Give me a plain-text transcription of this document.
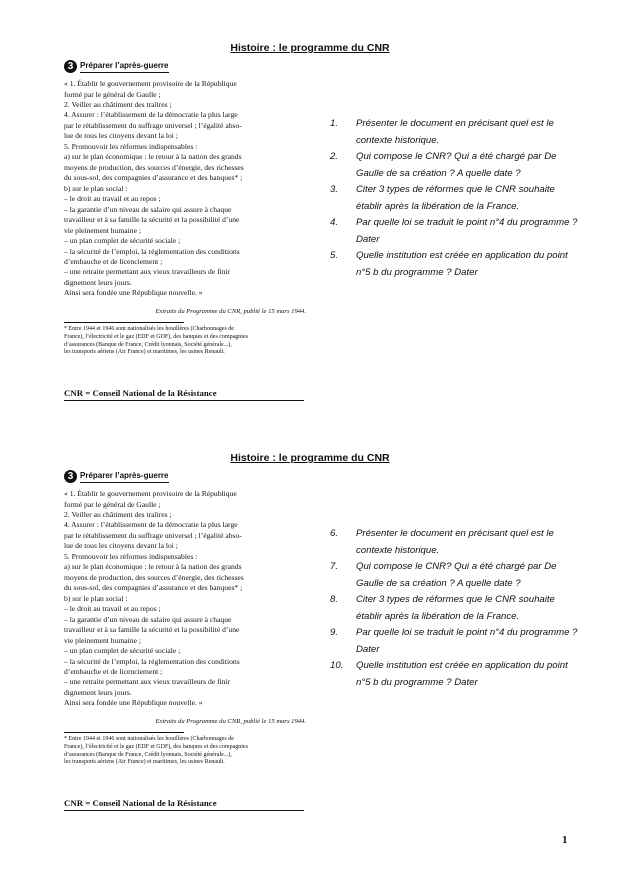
Histoire : le programme du CNR
3 Préparer l’après-guerre
« 1. Établir le gouvernement provisoire de la République
formé par le général de Gaulle ;
2. Veiller au châtiment des traîtres ;
4. Assurer : l’établissement de la démocratie la plus large
par le rétablissement du suffrage universel ; l’égalité abso-
lue de tous les citoyens devant la loi ;
5. Promouvoir les réformes indispensables :
a) sur le plan économique : le retour à la nation des grands
moyens de production, des sources d’énergie, des richesses
du sous-sol, des compagnies d’assurance et des banques* ;
b) sur le plan social :
– le droit au travail et au repos ;
– la garantie d’un niveau de salaire qui assure à chaque
travailleur et à sa famille la sécurité et la possibilité d’une
vie pleinement humaine ;
– un plan complet de sécurité sociale ;
– la sécurité de l’emploi, la réglementation des conditions
d’embauche et de licenciement ;
– une retraite permettant aux vieux travailleurs de finir
dignement leurs jours.
Ainsi sera fondée une République nouvelle. »
Extraits du Programme du CNR, publié le 15 mars 1944.
* Entre 1944 et 1946 sont nationalisés les houillères (Charbonnages de
France), l’électricité et le gaz (EDF et GDF), des banques et des compagnies
d’assurances (Banque de France, Crédit lyonnais, Société générale...),
les transports aériens (Air France) et maritimes, les usines Renault.
CNR = Conseil National de la Résistance
1.	Présenter le document en précisant quel est le contexte historique.
2.	Qui compose le CNR? Qui a été chargé par De Gaulle de sa création ? A quelle date ?
3.	Citer 3 types de réformes que le CNR souhaite établir après la libération de la France.
4.	Par quelle loi se traduit le point n°4 du programme ? Dater
5.	Quelle institution est créée en application du point n°5 b du programme ? Dater
Histoire : le programme du CNR
3 Préparer l’après-guerre
« 1. Établir le gouvernement provisoire de la République
formé par le général de Gaulle ;
2. Veiller au châtiment des traîtres ;
4. Assurer : l’établissement de la démocratie la plus large
par le rétablissement du suffrage universel ; l’égalité abso-
lue de tous les citoyens devant la loi ;
5. Promouvoir les réformes indispensables :
a) sur le plan économique : le retour à la nation des grands
moyens de production, des sources d’énergie, des richesses
du sous-sol, des compagnies d’assurance et des banques* ;
b) sur le plan social :
– le droit au travail et au repos ;
– la garantie d’un niveau de salaire qui assure à chaque
travailleur et à sa famille la sécurité et la possibilité d’une
vie pleinement humaine ;
– un plan complet de sécurité sociale ;
– la sécurité de l’emploi, la réglementation des conditions
d’embauche et de licenciement ;
– une retraite permettant aux vieux travailleurs de finir
dignement leurs jours.
Ainsi sera fondée une République nouvelle. »
Extraits du Programme du CNR, publié le 15 mars 1944.
* Entre 1944 et 1946 sont nationalisés les houillères (Charbonnages de
France), l’électricité et le gaz (EDF et GDF), des banques et des compagnies
d’assurances (Banque de France, Crédit lyonnais, Société générale...),
les transports aériens (Air France) et maritimes, les usines Renault.
CNR = Conseil National de la Résistance
6.	Présenter le document en précisant quel est le contexte historique.
7.	Qui compose le CNR? Qui a été chargé par De Gaulle de sa création ? A quelle date ?
8.	Citer 3 types de réformes que le CNR souhaite établir après la libération de la France.
9.	Par quelle loi se traduit le point n°4 du programme ? Dater
10.	Quelle institution est créée en application du point n°5 b du programme ? Dater
1
